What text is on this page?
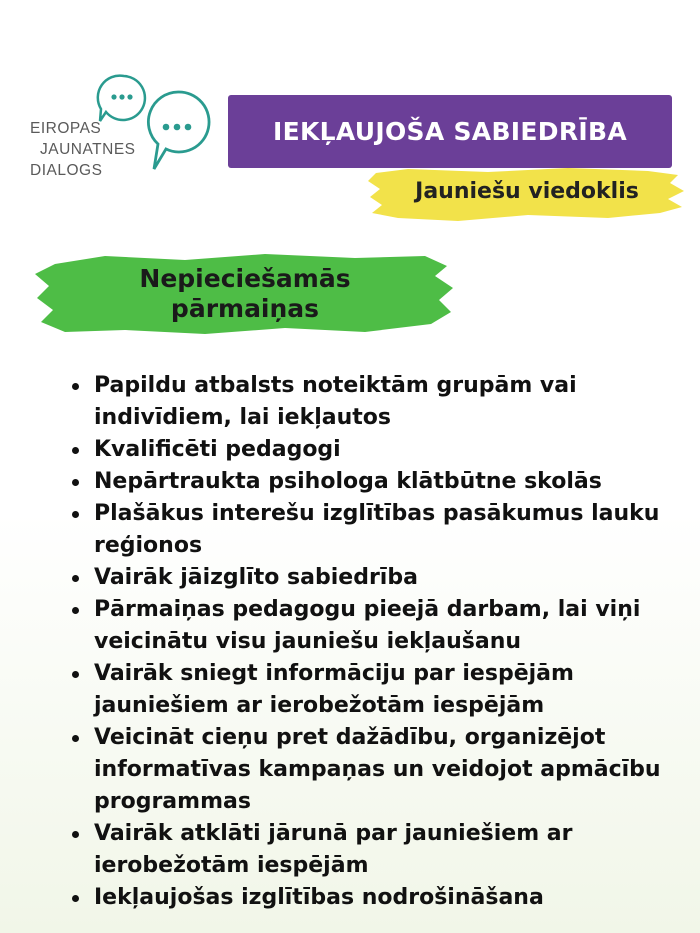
EIROPAS
JAUNATNES
DIALOGS
IEKĻAUJOŠA SABIEDRĪBA
Jauniešu viedoklis
Nepieciešamās
pārmaiņas
Papildu atbalsts noteiktām grupām vai indivīdiem, lai iekļautos
Kvalificēti pedagogi
Nepārtraukta psihologa klātbūtne skolās
Plašākus interešu izglītības pasākumus lauku reģionos
Vairāk jāizglīto sabiedrība
Pārmaiņas pedagogu pieejā darbam, lai viņi veicinātu visu jauniešu iekļaušanu
Vairāk sniegt informāciju par iespējām jauniešiem ar ierobežotām iespējām
Veicināt cieņu pret dažādību, organizējot informatīvas kampaņas un veidojot apmācību programmas
Vairāk atklāti jārunā par jauniešiem ar ierobežotām iespējām
Iekļaujošas izglītības nodrošināšana
